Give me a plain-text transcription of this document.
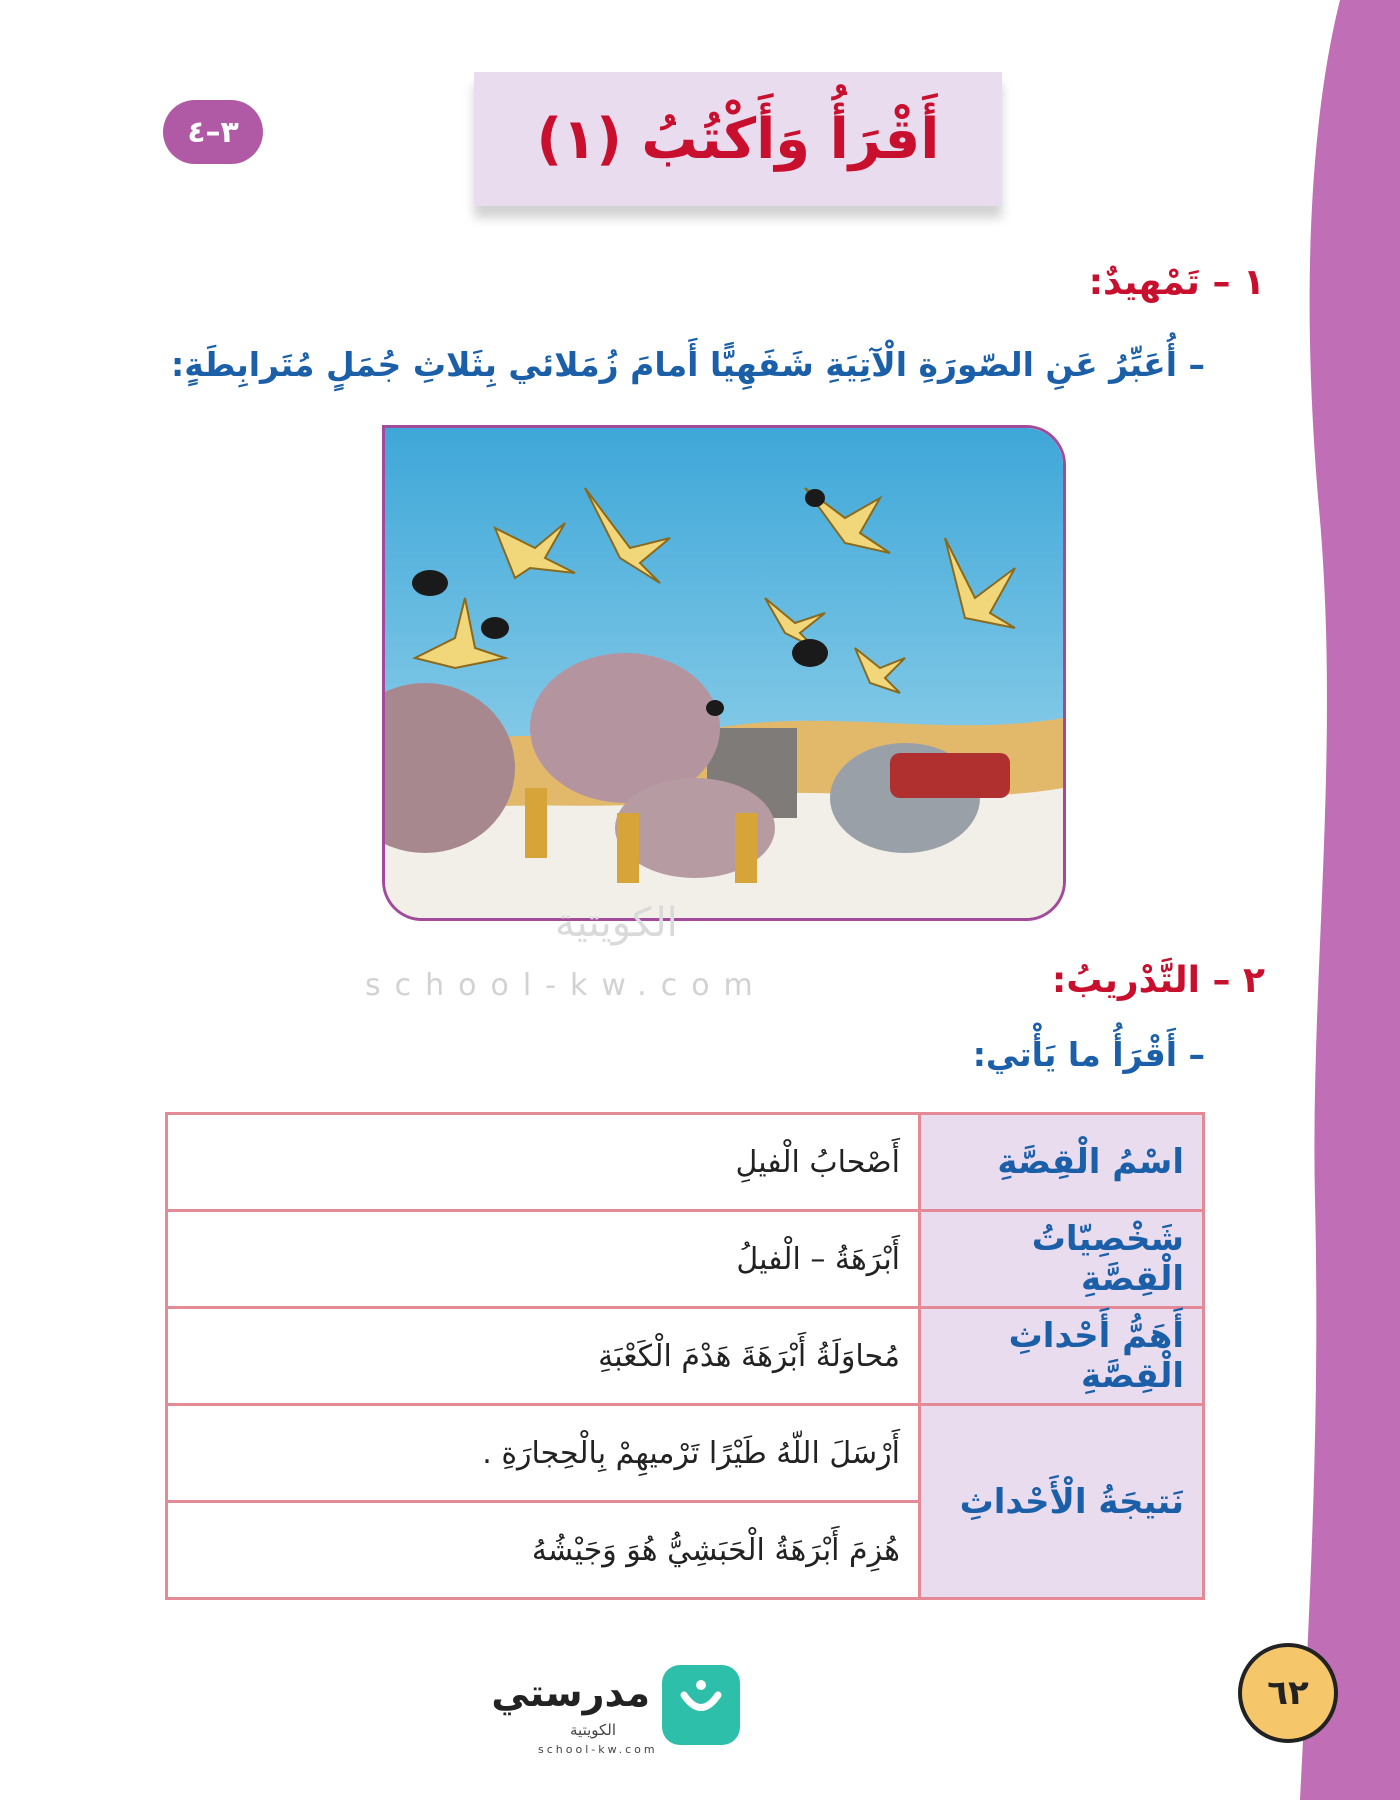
٣–٤	أَقْرَأُ وَأَكْتُبُ (١)
١ – تَمْهيدٌ:
– أُعَبِّرُ عَنِ الصّورَةِ الْآتِيَةِ شَفَهِيًّا أَمامَ زُمَلائي بِثَلاثِ جُمَلٍ مُتَرابِطَةٍ:
الكويتية
school-kw.com	٢ – التَّدْريبُ:
– أَقْرَأُ ما يَأْتي:
اسْمُ الْقِصَّةِ	أَصْحابُ الْفيلِ
شَخْصِيّاتُ الْقِصَّةِ	أَبْرَهَةُ – الْفيلُ
أَهَمُّ أَحْداثِ الْقِصَّةِ	مُحاوَلَةُ أَبْرَهَةَ هَدْمَ الْكَعْبَةِ
نَتيجَةُ الْأَحْداثِ	أَرْسَلَ اللّهُ طَيْرًا تَرْميهِمْ بِالْحِجارَةِ .
	هُزِمَ أَبْرَهَةُ الْحَبَشِيُّ هُوَ وَجَيْشُهُ
مدرستي
الكويتية
school-kw.com
٦٢
